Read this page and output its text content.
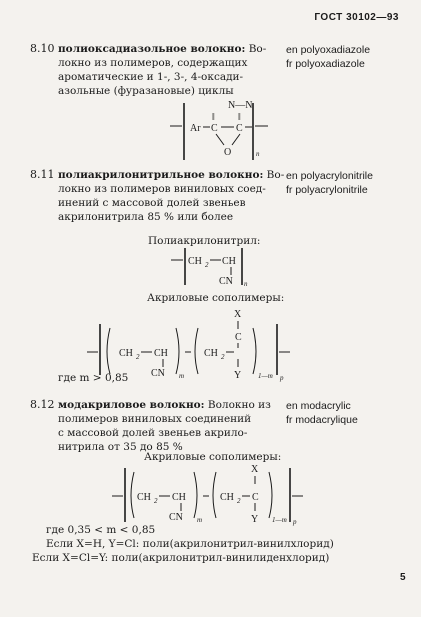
ГОСТ 30102—93
8.10 полиоксадиазольное волокно: Во-
локно из полимеров, содержащих
ароматические и 1-, 3-, 4-оксади-
азольные (фуразановые) циклы
en polyoxadiazole
fr polyoxadiazole
N—N
‖ ‖
Ar C C
O	n
8.11 полиакрилонитрильное волокно: Во-
локно из полимеров виниловых соед-
инений с массовой долей звеньев
акрилонитрила 85 % или более
en polyacrylonitrile
fr polyacrylonitrile
Полиакрилонитрил:
CH 2 CH
CN n
Акриловые сополимеры:
CH 2 CH
CN m
CH 2
X
C
Y 1—m p
где m > 0,85
8.12 модакриловое волокно: Волокно из
полимеров виниловых соединений
с массовой долей звеньев акрило-
нитрила от 35 до 85 %
en modacrylic
fr modacrylique
Акриловые сополимеры:
CH 2 CH
CN m
CH 2
X
C
Y 1—m p
где 0,35 < m < 0,85
Если X=H, Y=Cl: поли(акрилонитрил-винилхлорид)
Если X=Cl=Y: поли(акрилонитрил-винилиденхлорид)
5
